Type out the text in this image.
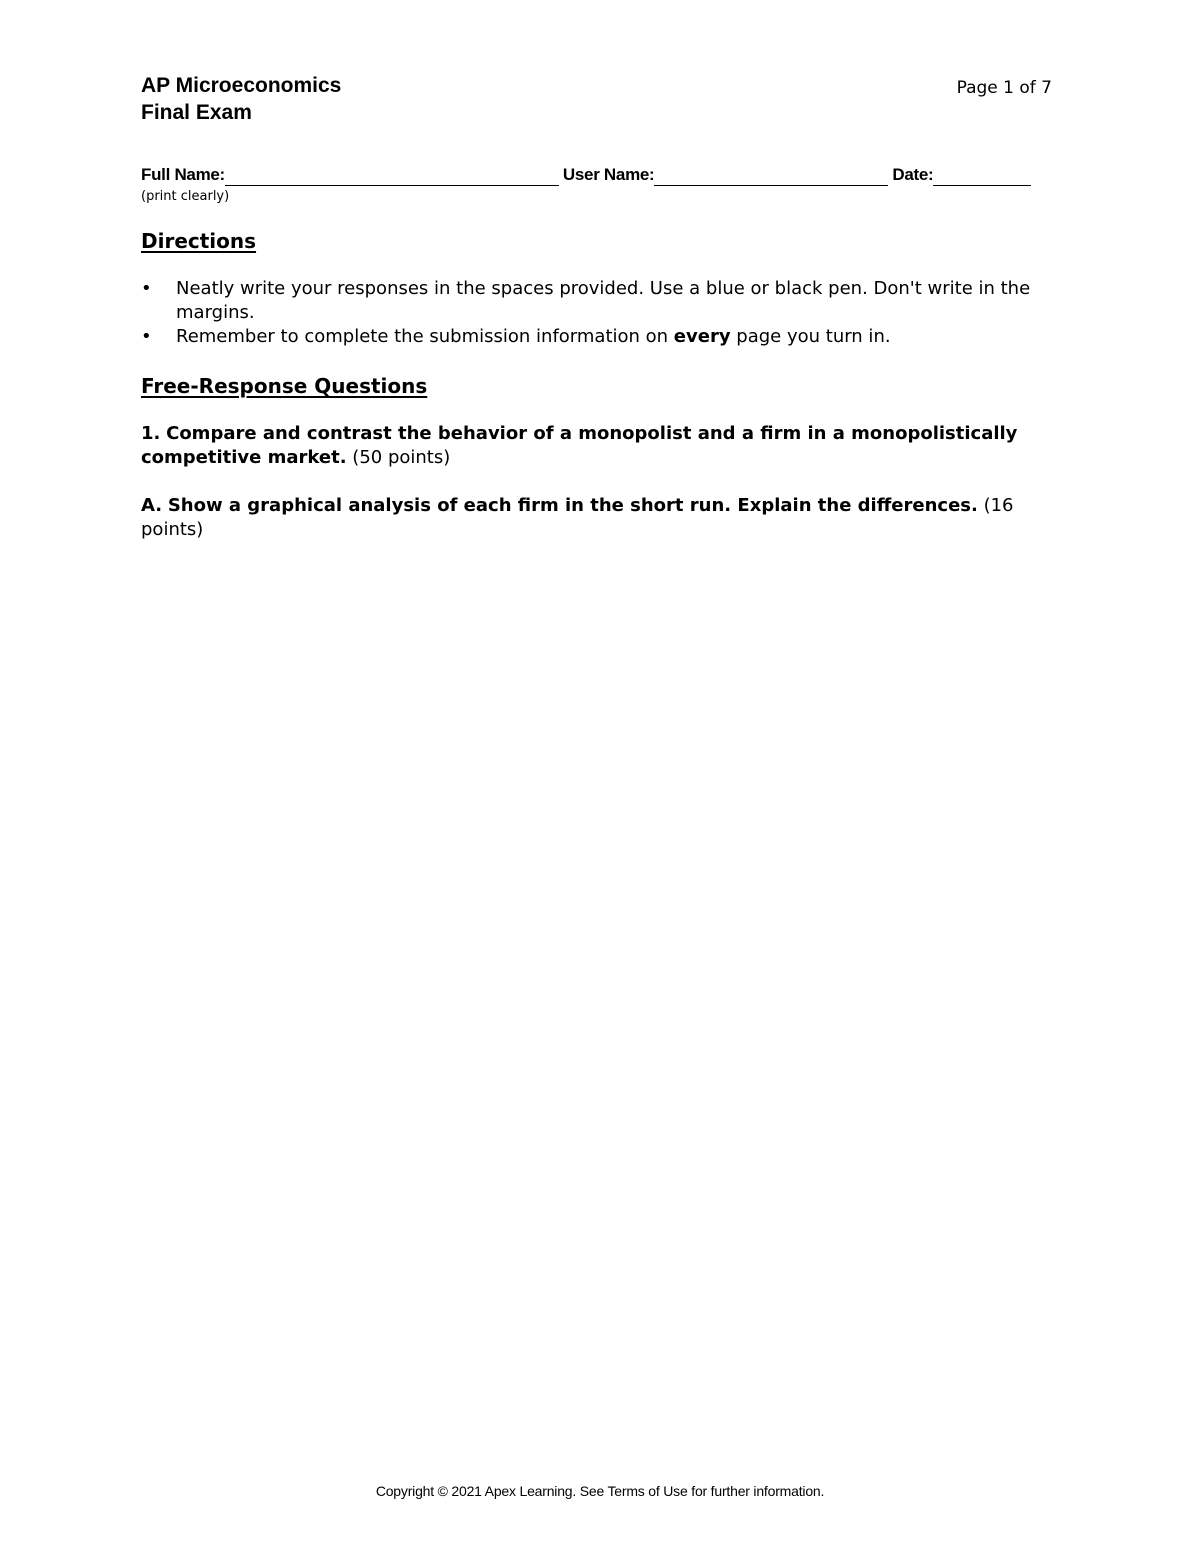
AP Microeconomics

Final Exam

Page 1 of 7
Full Name:	User Name:	Date:
(print clearly)
Directions
•	Neatly write your responses in the spaces provided. Use a blue or black pen. Don't write in the margins.
•	Remember to complete the submission information on every page you turn in.
Free-Response Questions

1. Compare and contrast the behavior of a monopolist and a firm in a monopolistically competitive market. (50 points)

A. Show a graphical analysis of each firm in the short run. Explain the differences. (16 points)

Copyright © 2021 Apex Learning. See Terms of Use for further information.
